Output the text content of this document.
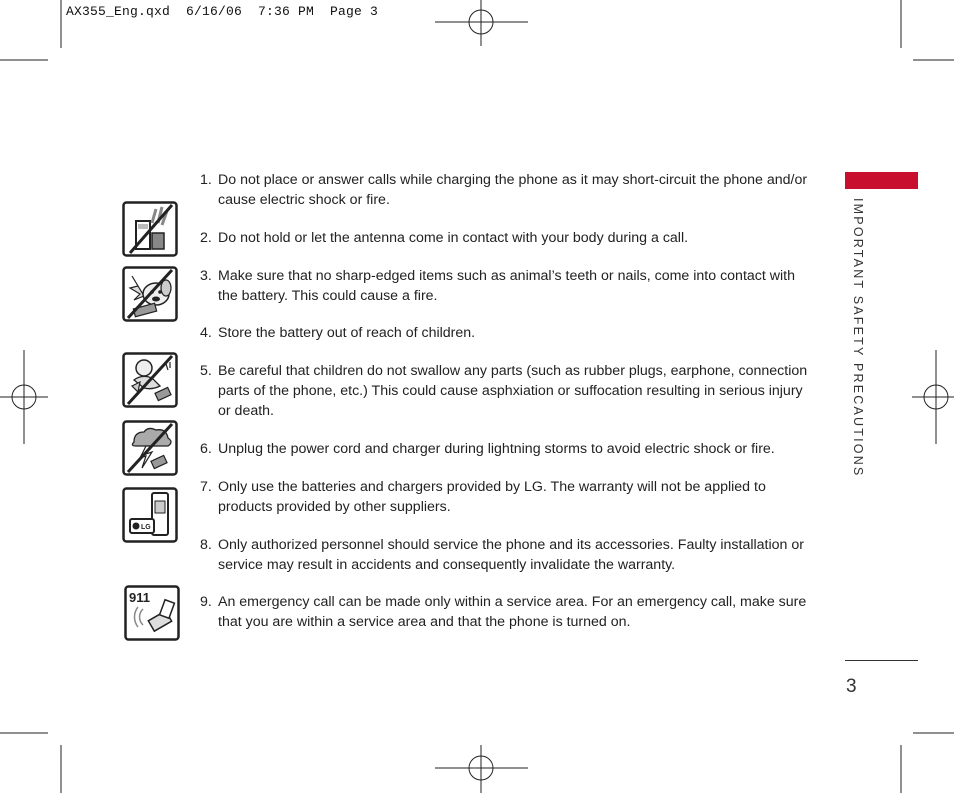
AX355_Eng.qxd  6/16/06  7:36 PM  Page 3
LG
911
1. Do not place or answer calls while charging the phone as it may short-circuit the phone and/or cause electric shock or fire.
2. Do not hold or let the antenna come in contact with your body during a call.
3. Make sure that no sharp-edged items such as animal’s teeth or nails, come into contact with the battery. This could cause a fire.
4. Store the battery out of reach of children.
5. Be careful that children do not swallow any parts (such as rubber plugs, earphone, connection parts of the phone, etc.) This could cause asphxiation or suffocation resulting in serious injury or death.
6. Unplug the power cord and charger during lightning storms to avoid electric shock or fire.
7. Only use the batteries and chargers provided by LG. The warranty will not be applied to products provided by other suppliers.
8. Only authorized personnel should service the phone and its accessories. Faulty installation or service may result in accidents and consequently invalidate the warranty.
9. An emergency call can be made only within a service area. For an emergency call, make sure that you are within a service area and that the phone is turned on.
IMPORTANT SAFETY PRECAUTIONS
3
